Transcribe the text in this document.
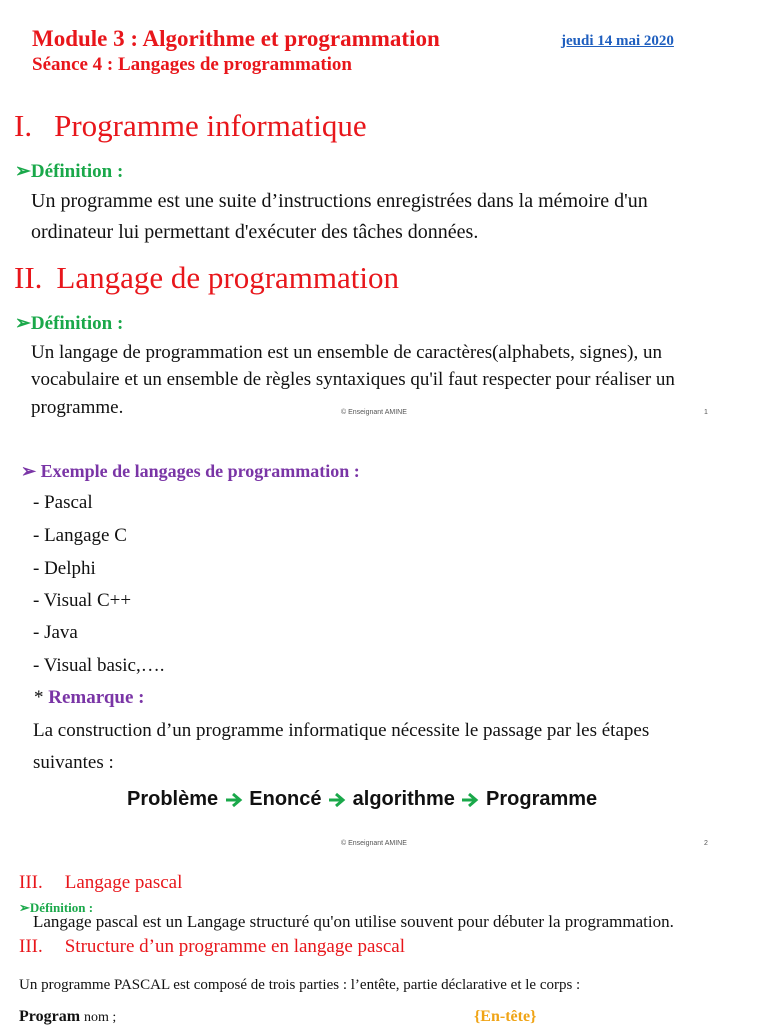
Module 3 : Algorithme et programmation	jeudi 14 mai 2020
Séance 4 : Langages de programmation
I. Programme informatique
➢Définition :
Un programme est une suite d’instructions enregistrées dans la mémoire d'un
ordinateur lui permettant d'exécuter des tâches données.
II. Langage de programmation
➢Définition :
Un langage de programmation est un ensemble de caractères(alphabets, signes), un
vocabulaire et un ensemble de règles syntaxiques qu'il faut respecter pour réaliser un
programme.	© Enseignant AMINE	1
➢ Exemple de langages de programmation :
- Pascal
- Langage C
- Delphi
- Visual C++
- Java
- Visual basic,….
* Remarque :
La construction d’un programme informatique nécessite le passage par les étapes
suivantes :
Problème Enoncé algorithme Programme
© Enseignant AMINE	2
III. Langage pascal
➢Définition :
Langage pascal est un Langage structuré qu'on utilise souvent pour débuter la programmation.
III. Structure d’un programme en langage pascal
Un programme PASCAL est composé de trois parties : l’entête, partie déclarative et le corps :
Program nom ;	{En-tête}
